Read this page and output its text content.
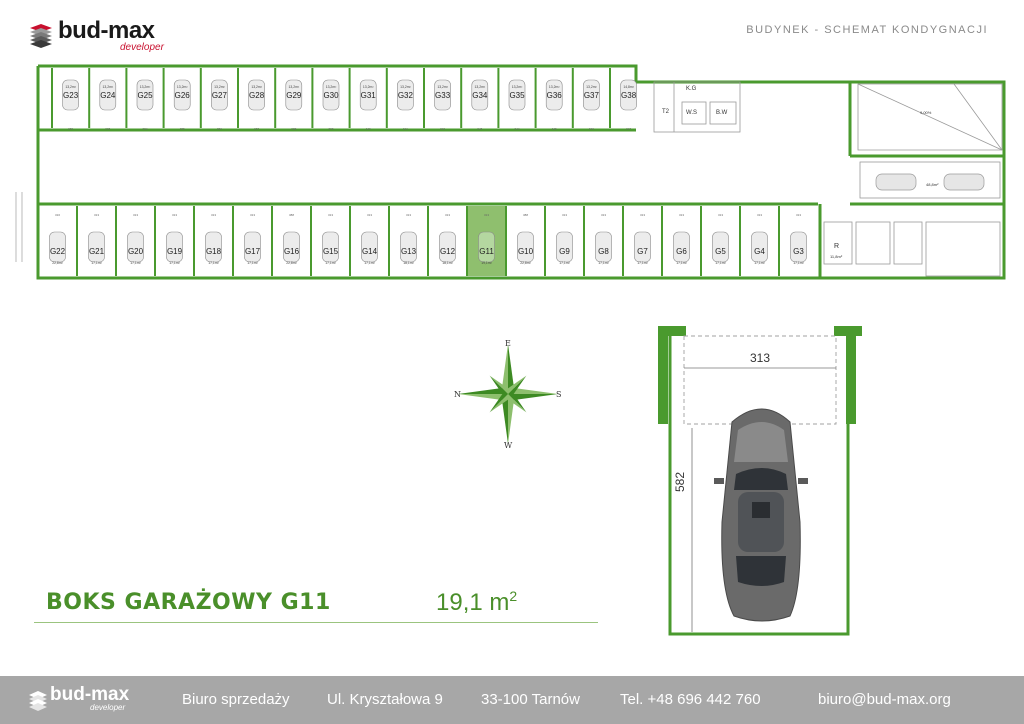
bud-max
developer
BUDYNEK - SCHEMAT KONDYGNACJI
G23
13,2m²
232
G24
13,2m²
233
G25
13,2m²
234
G26
13,2m²
235
G27
13,2m²
236
G28
13,2m²
237
G29
13,2m²
238
G30
13,2m²
239
G31
13,2m²
240
G32
13,2m²
241
G33
13,2m²
242
G34
13,2m²
243
G35
13,2m²
244
G36
13,2m²
245
G37
13,2m²
246
G38
14,8m²
247
G22
22,8m²
316
G21
17,1m²
313
G20
17,1m²
313
G19
17,1m²
313
G18
17,1m²
313
G17
17,1m²
313
G16
22,8m²
388
G15
17,1m²
313
G14
17,1m²
313
G13
18,1m²
313
G12
18,1m²
313
G11
19,1m²
313
G10
22,8m²
388
G9
17,1m²
313
G8
17,1m²
313
G7
17,1m²
313
G6
17,1m²
313
G5
17,1m²
313
G4
17,1m²
313
G3
17,1m²
313
T2
K.G
W.S	B.W
R
11,8m²
9,00%
48,8m²
E
N	S
W
BOKS GARAŻOWY G11	19,1 $m^2$
313
582
bud-max
developer	Biuro sprzedaży Ul. Kryształowa 9	33-100 Tarnów	Tel. +48 696 442 760	biuro@bud-max.org
